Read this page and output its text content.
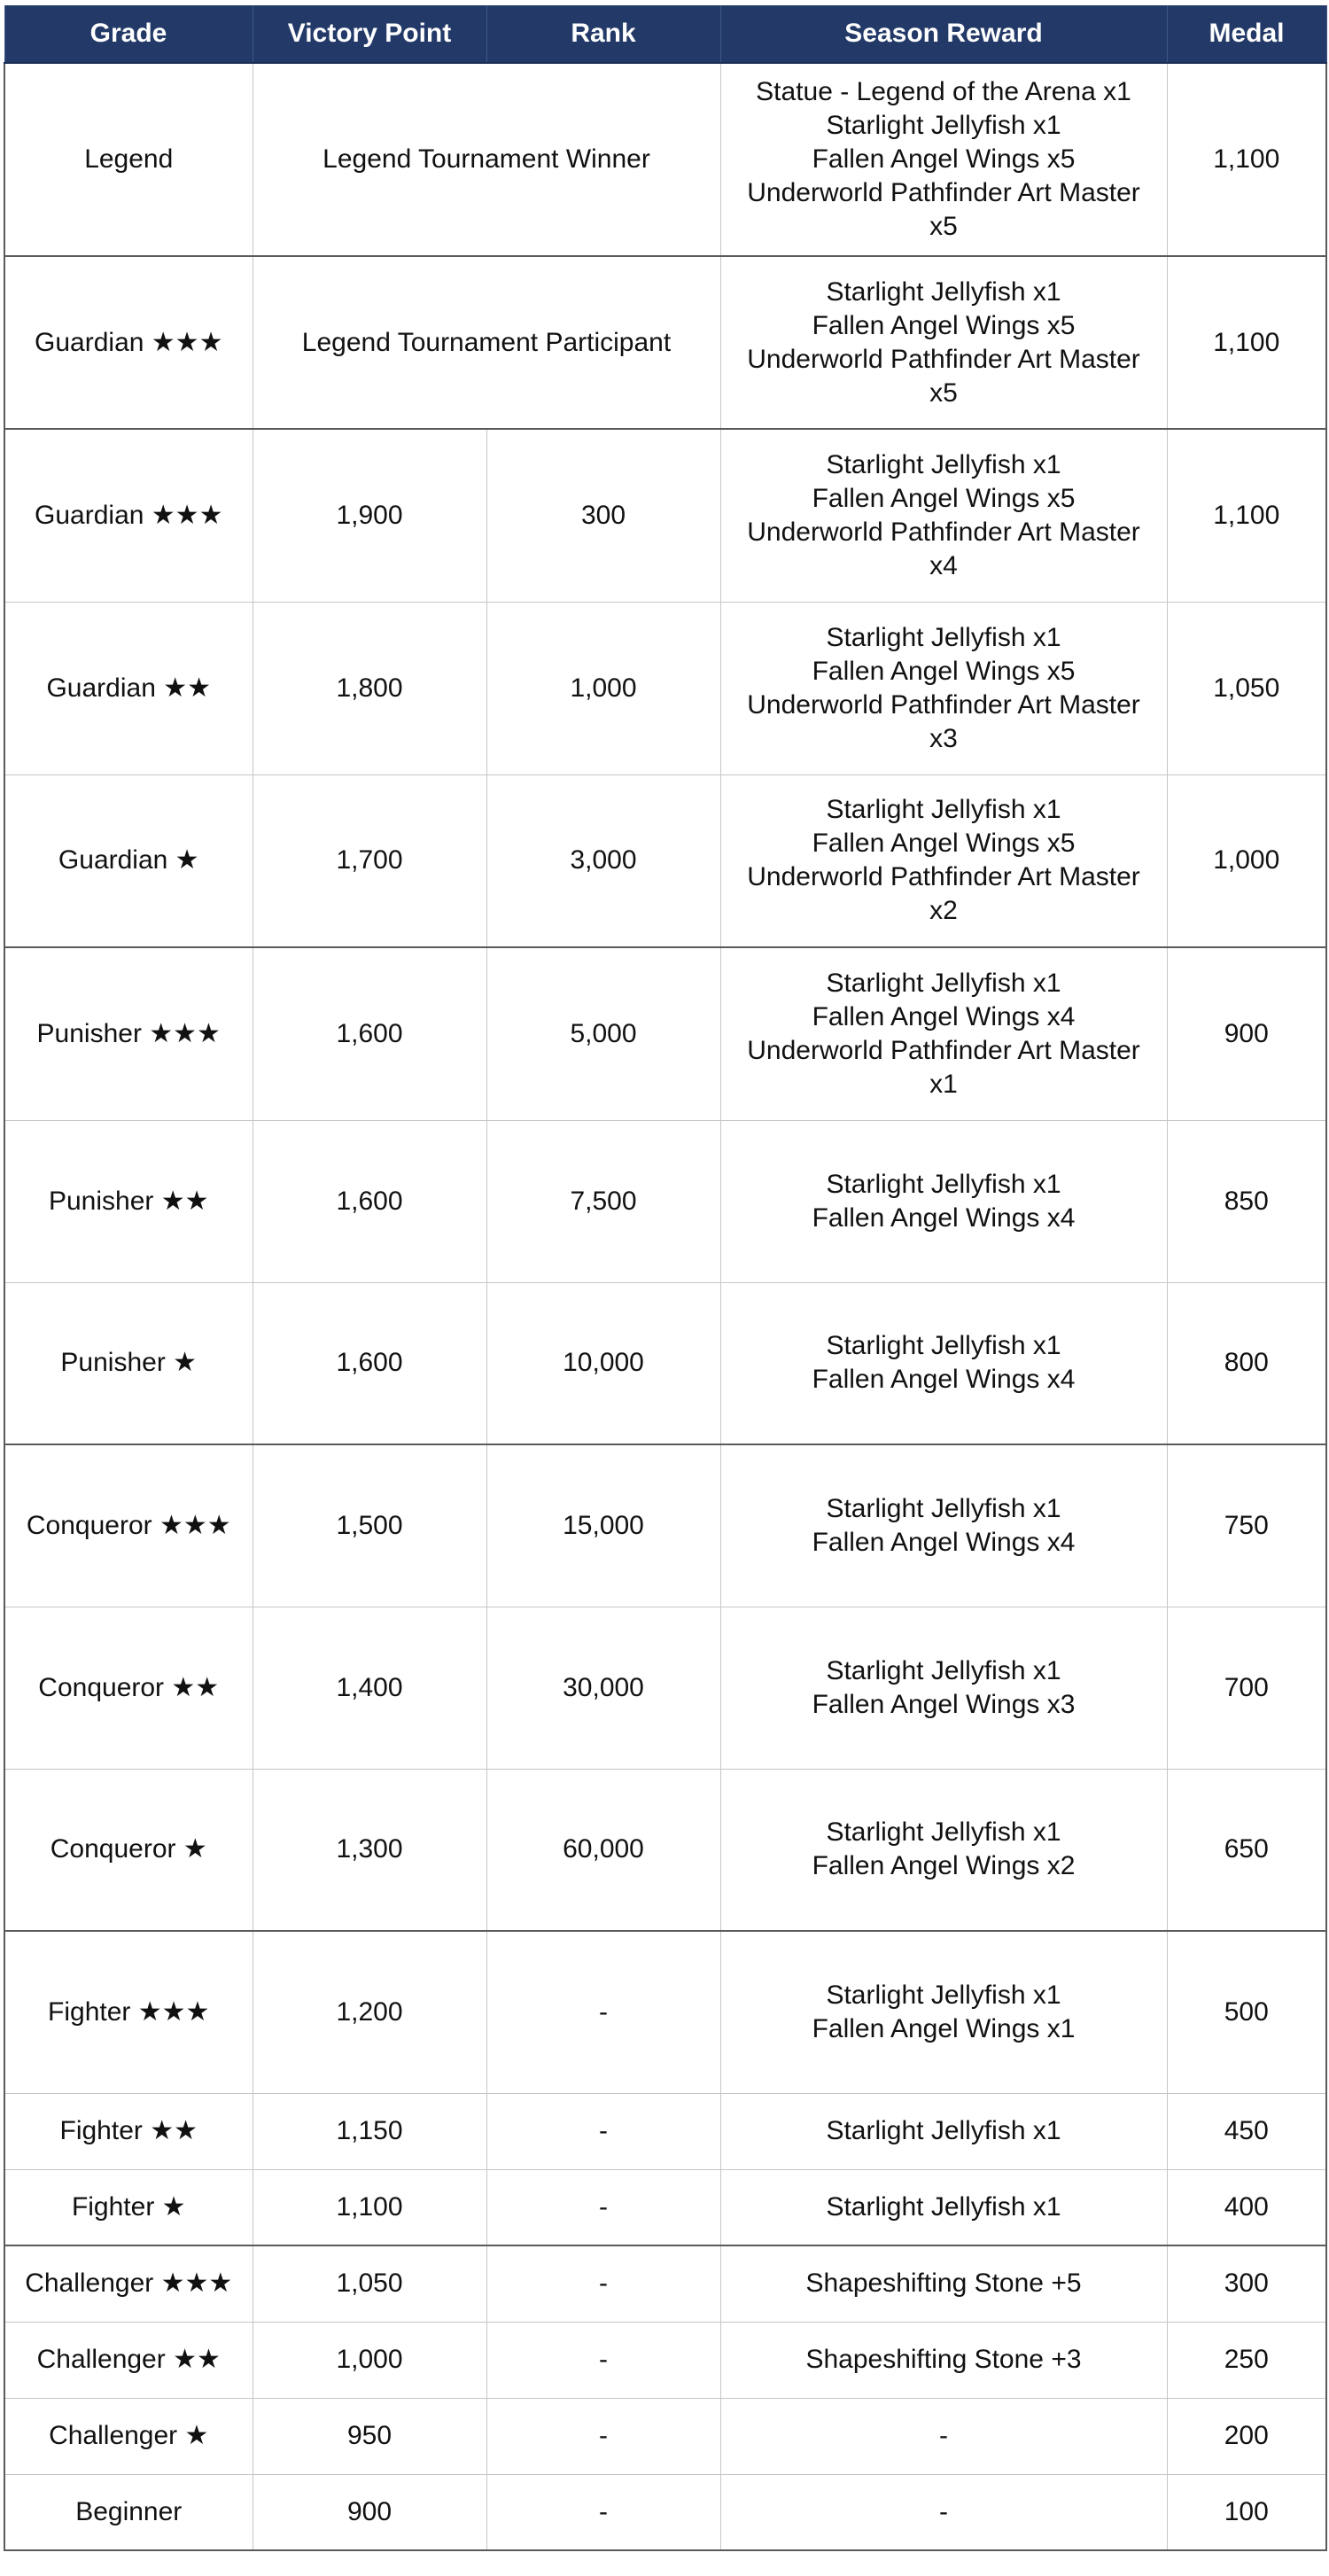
Grade	Victory Point	Rank	Season Reward	Medal
Legend	Legend Tournament Winner		Statue - Legend of the Arena x1
Starlight Jellyfish x1
Fallen Angel Wings x5
Underworld Pathfinder Art Master
x5	1,100
Guardian ★★★	Legend Tournament Participant		Starlight Jellyfish x1
Fallen Angel Wings x5
Underworld Pathfinder Art Master
x5	1,100
Guardian ★★★	1,900	300	Starlight Jellyfish x1
Fallen Angel Wings x5
Underworld Pathfinder Art Master
x4	1,100
Guardian ★★	1,800	1,000	Starlight Jellyfish x1
Fallen Angel Wings x5
Underworld Pathfinder Art Master
x3	1,050
Guardian ★	1,700	3,000	Starlight Jellyfish x1
Fallen Angel Wings x5
Underworld Pathfinder Art Master
x2	1,000
Punisher ★★★	1,600	5,000	Starlight Jellyfish x1
Fallen Angel Wings x4
Underworld Pathfinder Art Master
x1	900
Punisher ★★	1,600	7,500	Starlight Jellyfish x1
Fallen Angel Wings x4	850
Punisher ★	1,600	10,000	Starlight Jellyfish x1
Fallen Angel Wings x4	800
Conqueror ★★★	1,500	15,000	Starlight Jellyfish x1
Fallen Angel Wings x4	750
Conqueror ★★	1,400	30,000	Starlight Jellyfish x1
Fallen Angel Wings x3	700
Conqueror ★	1,300	60,000	Starlight Jellyfish x1
Fallen Angel Wings x2	650
Fighter ★★★	1,200	-	Starlight Jellyfish x1
Fallen Angel Wings x1	500
Fighter ★★	1,150	-	Starlight Jellyfish x1	450
Fighter ★	1,100	-	Starlight Jellyfish x1	400
Challenger ★★★	1,050	-	Shapeshifting Stone +5	300
Challenger ★★	1,000	-	Shapeshifting Stone +3	250
Challenger ★	950	-	-	200
Beginner	900	-	-	100
